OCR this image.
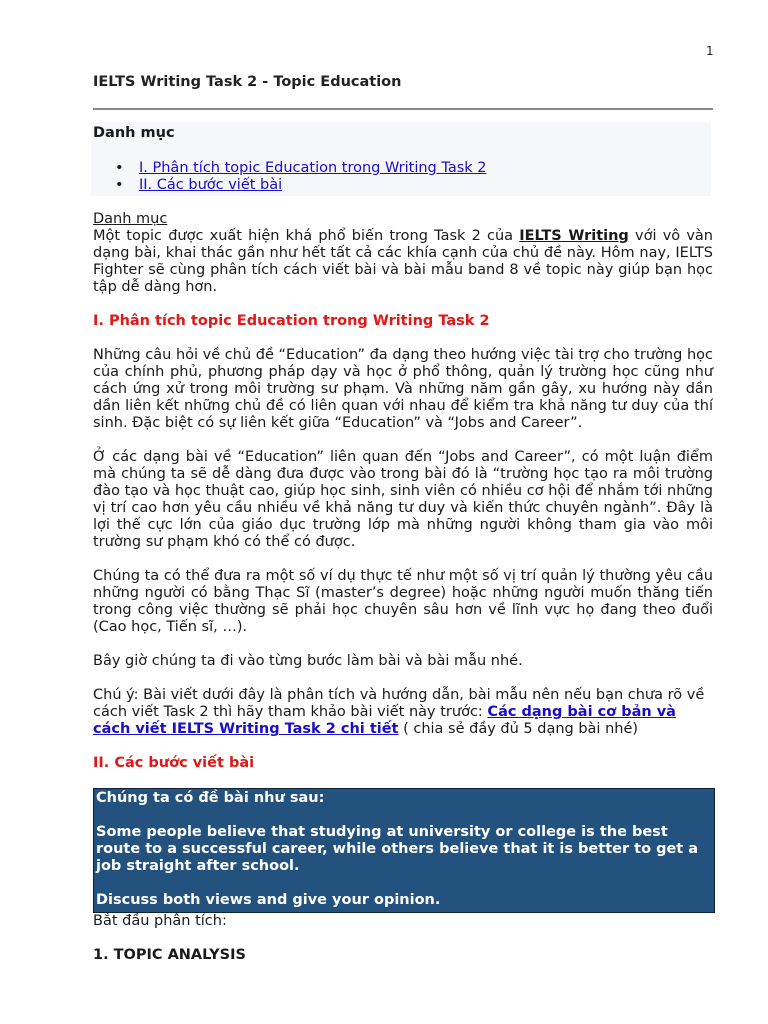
1
IELTS Writing Task 2 - Topic Education
Danh mục
• I. Phân tích topic Education trong Writing Task 2
• II. Các bước viết bài

Danh mục

Một topic được xuất hiện khá phổ biến trong Task 2 của IELTS Writing với vô vàn dạng bài, khai thác gần như hết tất cả các khía cạnh của chủ đề này. Hôm nay, IELTS Fighter sẽ cùng phân tích cách viết bài và bài mẫu band 8 về topic này giúp bạn học tập dễ dàng hơn.

I. Phân tích topic Education trong Writing Task 2

Những câu hỏi về chủ đề “Education” đa dạng theo hướng việc tài trợ cho trường học của chính phủ, phương pháp dạy và học ở phổ thông, quản lý trường học cũng như cách ứng xử trong môi trường sư phạm. Và những năm gần gây, xu hướng này dần dần liên kết những chủ đề có liên quan với nhau để kiểm tra khả năng tư duy của thí sinh. Đặc biệt có sự liên kết giữa “Education” và “Jobs and Career”.

Ở các dạng bài về “Education” liên quan đến “Jobs and Career”, có một luận điểm mà chúng ta sẽ dễ dàng đưa được vào trong bài đó là “trường học tạo ra môi trường đào tạo và học thuật cao, giúp học sinh, sinh viên có nhiều cơ hội để nhắm tới những vị trí cao hơn yêu cầu nhiều về khả năng tư duy và kiến thức chuyên ngành”. Đây là lợi thế cực lớn của giáo dục trường lớp mà những người không tham gia vào môi trường sư phạm khó có thể có được.

Chúng ta có thể đưa ra một số ví dụ thực tế như một số vị trí quản lý thường yêu cầu những người có bằng Thạc Sĩ (master’s degree) hoặc những người muốn thăng tiến trong công việc thường sẽ phải học chuyên sâu hơn về lĩnh vực họ đang theo đuổi (Cao học, Tiến sĩ, …).

Bây giờ chúng ta đi vào từng bước làm bài và bài mẫu nhé.

Chú ý: Bài viết dưới đây là phân tích và hướng dẫn, bài mẫu nên nếu bạn chưa rõ về cách viết Task 2 thì hãy tham khảo bài viết này trước: Các dạng bài cơ bản và cách viết IELTS Writing Task 2 chi tiết ( chia sẻ đầy đủ 5 dạng bài nhé)

II. Các bước viết bài

Chúng ta có đề bài như sau:

Some people believe that studying at university or college is the best route to a successful career, while others believe that it is better to get a job straight after school.

Discuss both views and give your opinion.

Bắt đầu phân tích:

1. TOPIC ANALYSIS
